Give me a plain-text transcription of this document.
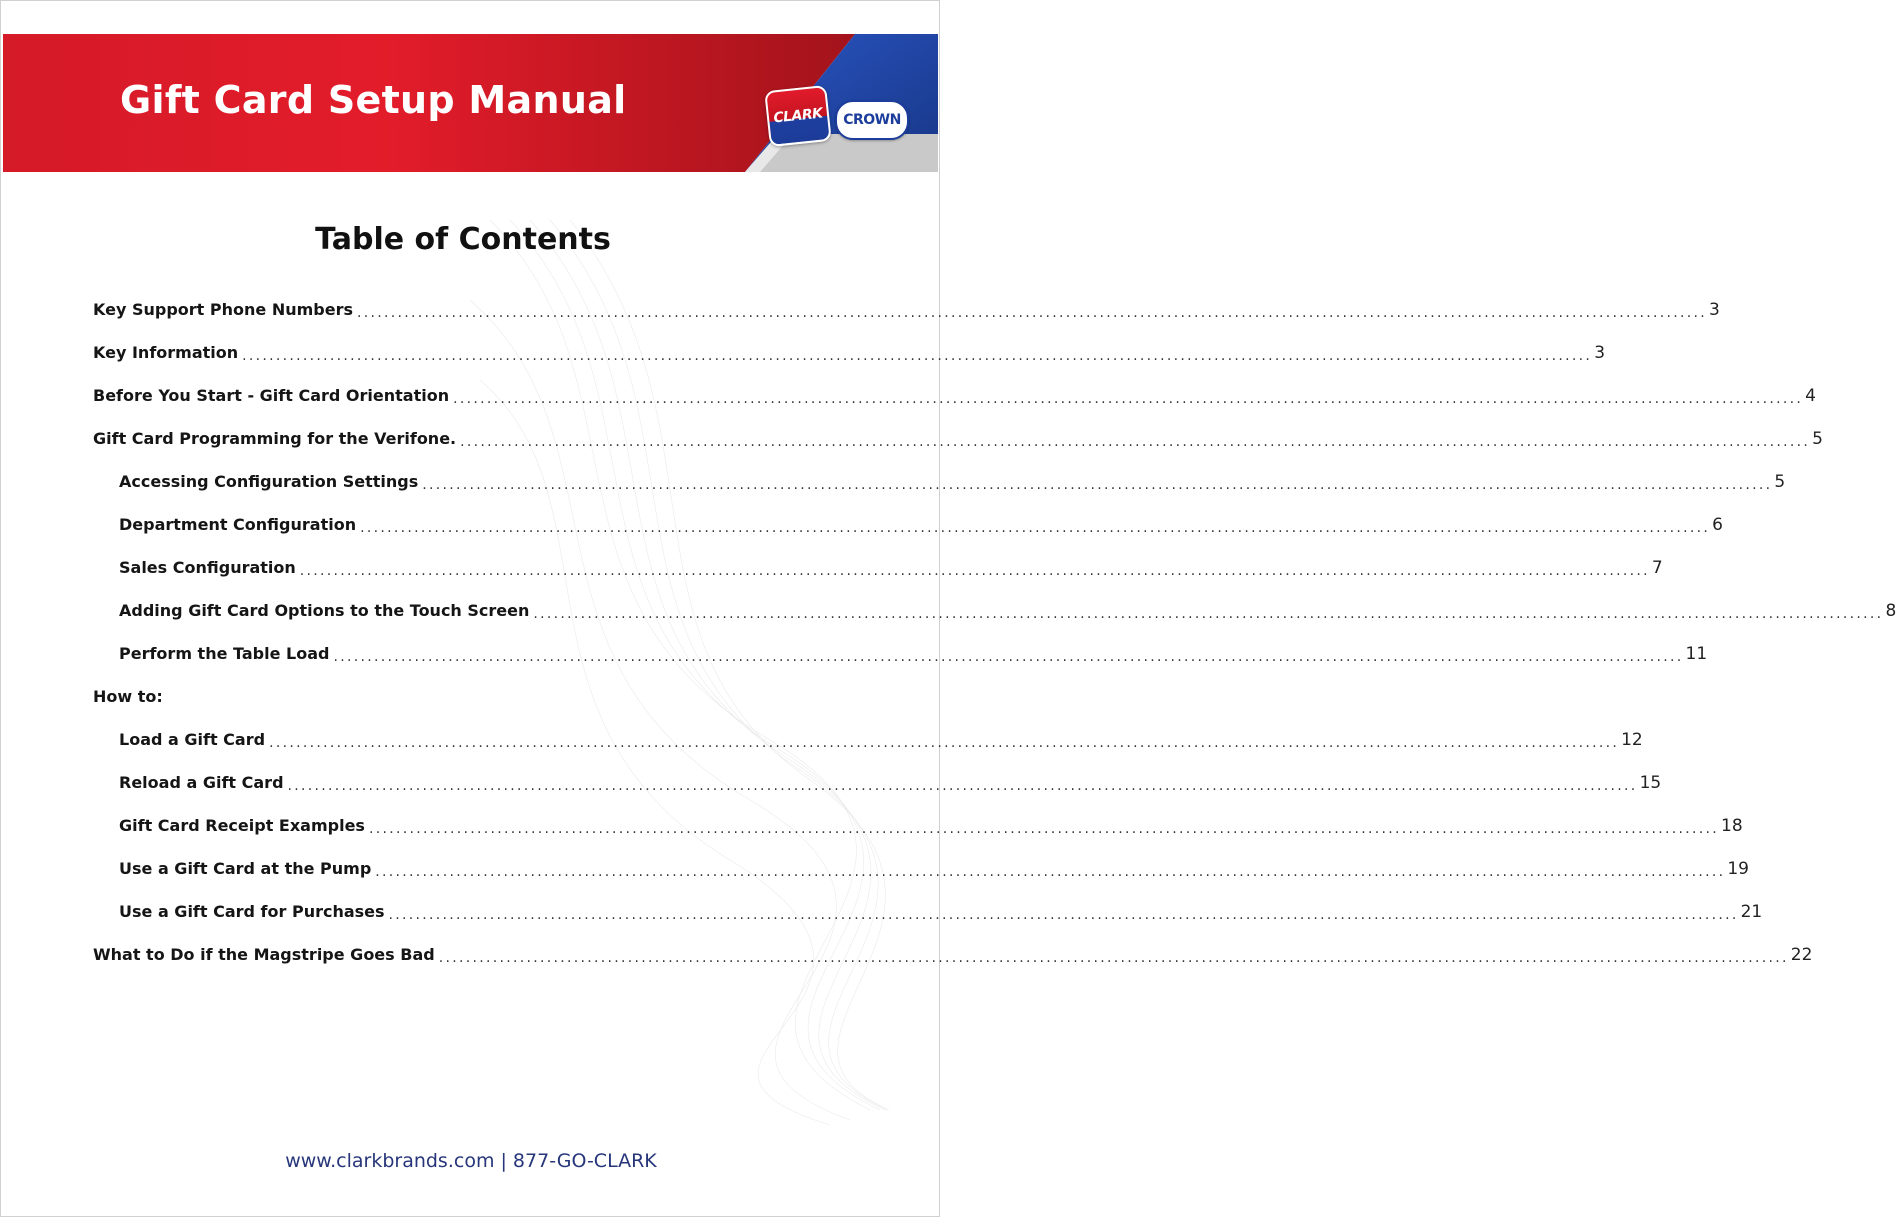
CLARK CROWN
Gift Card Setup Manual
Table of Contents
Key Support Phone Numbers ........................................................................................................................................................................................................ 3
Key Information ........................................................................................................................................................................................................ 3
Before You Start - Gift Card Orientation ........................................................................................................................................................................................................ 4
Gift Card Programming for the Verifone. ........................................................................................................................................................................................................ 5
Accessing Configuration Settings ........................................................................................................................................................................................................ 5
Department Configuration ........................................................................................................................................................................................................ 6
Sales Configuration ........................................................................................................................................................................................................ 7
Adding Gift Card Options to the Touch Screen ........................................................................................................................................................................................................ 8
Perform the Table Load ........................................................................................................................................................................................................ 11
How to:
Load a Gift Card ........................................................................................................................................................................................................ 12
Reload a Gift Card ........................................................................................................................................................................................................ 15
Gift Card Receipt Examples ........................................................................................................................................................................................................ 18
Use a Gift Card at the Pump ........................................................................................................................................................................................................ 19
Use a Gift Card for Purchases ........................................................................................................................................................................................................ 21
What to Do if the Magstripe Goes Bad ........................................................................................................................................................................................................ 22

www.clarkbrands.com | 877-GO-CLARK
